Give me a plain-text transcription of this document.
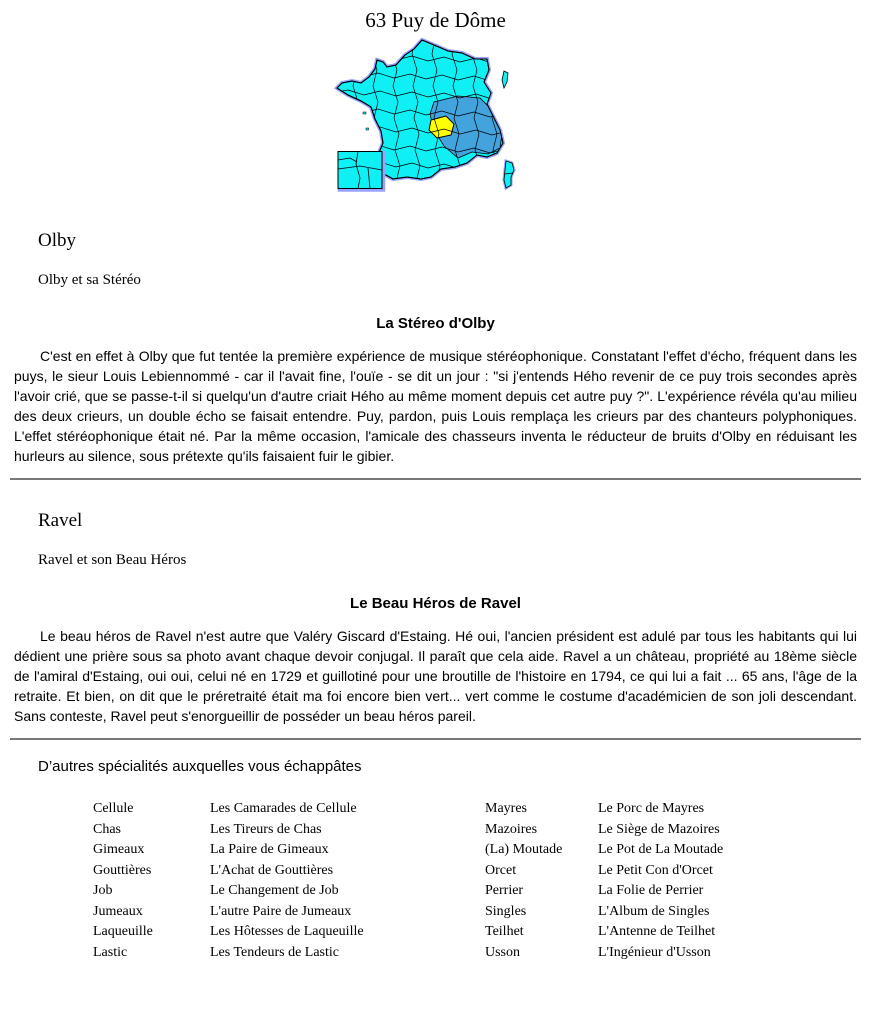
63 Puy de Dôme
Olby
Olby et sa Stéréo
La Stéreo d'Olby

C'est en effet à Olby que fut tentée la première expérience de musique stéréophonique. Constatant l'effet d'écho, fréquent dans les puys, le sieur Louis Lebiennommé - car il l'avait fine, l'ouïe - se dit un jour : "si j'entends Hého revenir de ce puy trois secondes après l'avoir crié, que se passe-t-il si quelqu'un d'autre criait Hého au même moment depuis cet autre puy ?". L'expérience révéla qu'au milieu des deux crieurs, un double écho se faisait entendre. Puy, pardon, puis Louis remplaça les crieurs par des chanteurs polyphoniques. L'effet stéréophonique était né. Par la même occasion, l'amicale des chasseurs inventa le réducteur de bruits d'Olby en réduisant les hurleurs au silence, sous prétexte qu'ils faisaient fuir le gibier.

Ravel
Ravel et son Beau Héros
Le Beau Héros de Ravel

Le beau héros de Ravel n'est autre que Valéry Giscard d'Estaing. Hé oui, l'ancien président est adulé par tous les habitants qui lui dédient une prière sous sa photo avant chaque devoir conjugal. Il paraît que cela aide. Ravel a un château, propriété au 18ème siècle de l'amiral d'Estaing, oui oui, celui né en 1729 et guillotiné pour une broutille de l'histoire en 1794, ce qui lui a fait ... 65 ans, l'âge de la retraite. Et bien, on dit que le préretraité était ma foi encore bien vert... vert comme le costume d'académicien de son joli descendant. Sans conteste, Ravel peut s'enorgueillir de posséder un beau héros pareil.

D’autres spécialités auxquelles vous échappâtes
Cellule	Les Camarades de Cellule	Mayres	Le Porc de Mayres
Chas	Les Tireurs de Chas	Mazoires	Le Siège de Mazoires
Gimeaux	La Paire de Gimeaux	(La) Moutade	Le Pot de La Moutade
Gouttières	L'Achat de Gouttières	Orcet	Le Petit Con d'Orcet
Job	Le Changement de Job	Perrier	La Folie de Perrier
Jumeaux	L'autre Paire de Jumeaux	Singles	L'Album de Singles
Laqueuille	Les Hôtesses de Laqueuille	Teilhet	L'Antenne de Teilhet
Lastic	Les Tendeurs de Lastic	Usson	L'Ingénieur d'Usson
